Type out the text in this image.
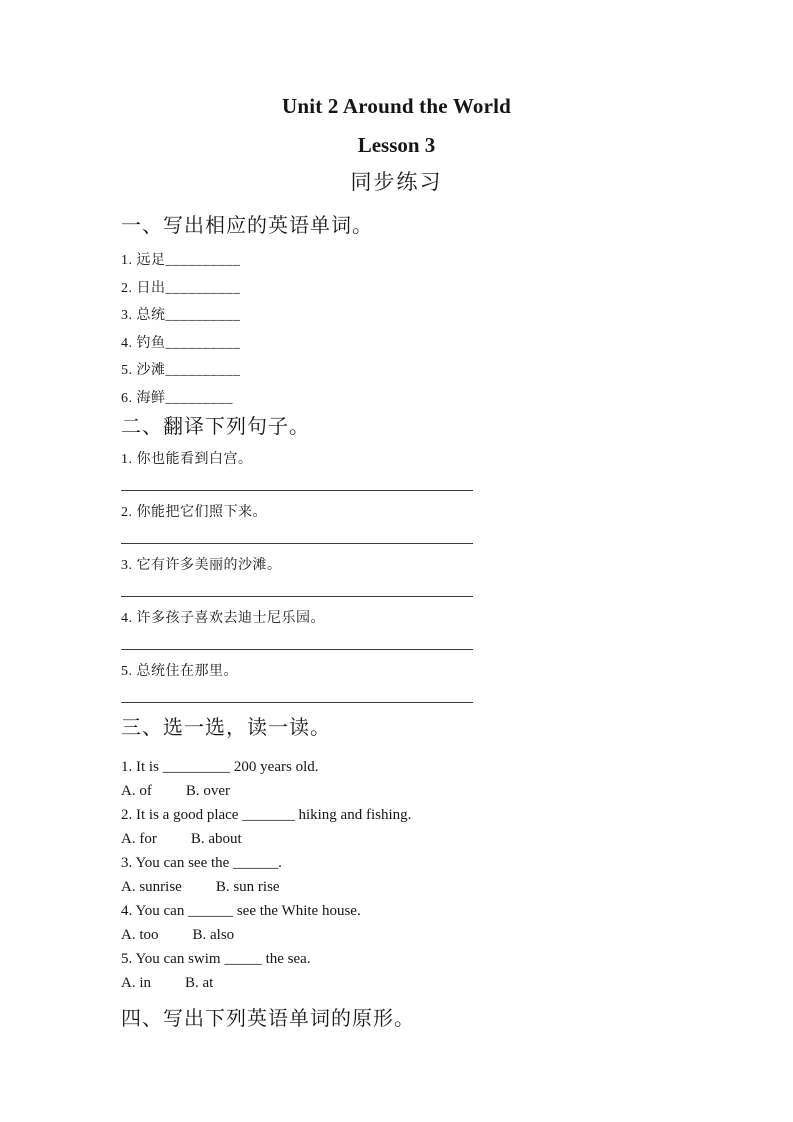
Unit 2 Around the World
Lesson 3
同步练习
一、写出相应的英语单词。
1. 远足__________
2. 日出__________
3. 总统__________
4. 钓鱼__________
5. 沙滩__________
6. 海鲜_________
二、翻译下列句子。
1. 你也能看到白宫。
2. 你能把它们照下来。
3. 它有许多美丽的沙滩。
4. 许多孩子喜欢去迪士尼乐园。
5. 总统住在那里。
三、选一选，读一读。
1. It is _________ 200 years old.
A. of B. over
2. It is a good place _______ hiking and fishing.
A. for B. about
3. You can see the ______.
A. sunrise B. sun rise
4. You can ______ see the White house.
A. too B. also
5. You can swim _____ the sea.
A. in B. at
四、写出下列英语单词的原形。
